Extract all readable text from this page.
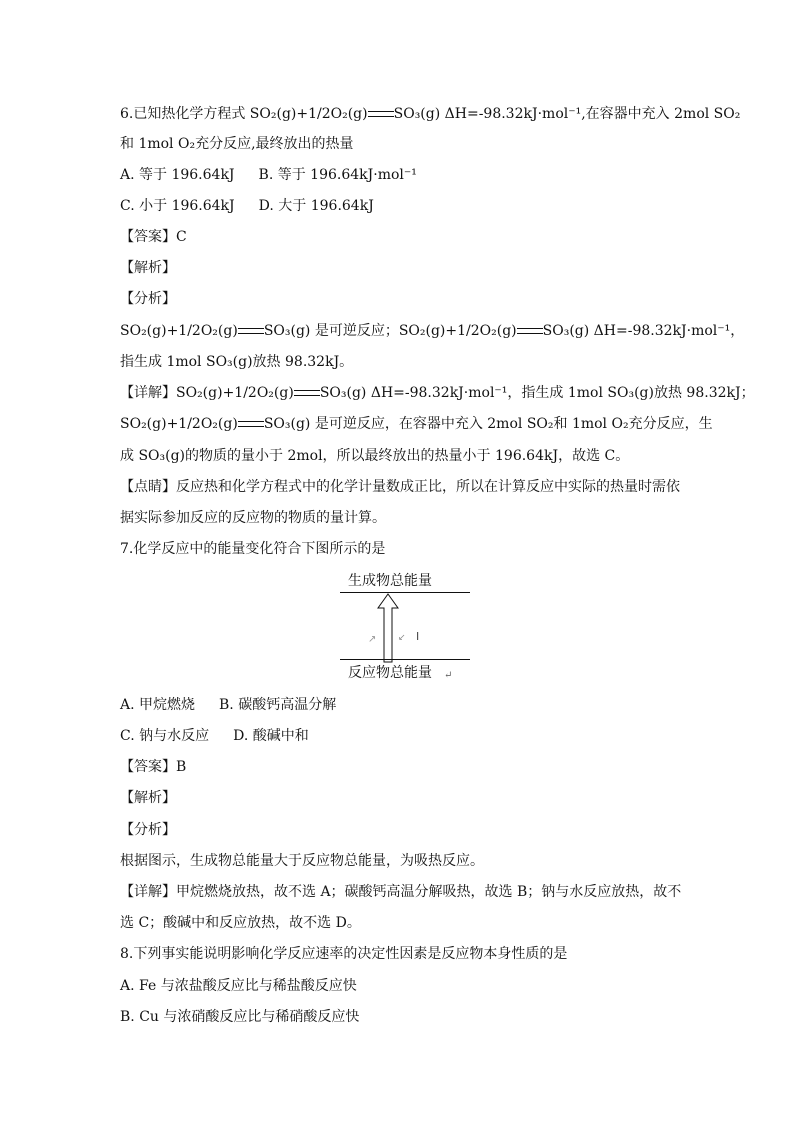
6.已知热化学方程式 SO₂(g)+1/2O₂(g) SO₃(g) ΔH=-98.32kJ·mol⁻¹,在容器中充入 2mol SO₂
和 1mol O₂充分反应,最终放出的热量
A. 等于 196.64kJ B. 等于 196.64kJ·mol⁻¹
C. 小于 196.64kJ D. 大于 196.64kJ
【答案】C
【解析】
【分析】
SO₂(g)+1/2O₂(g) SO₃(g) 是可逆反应；SO₂(g)+1/2O₂(g) SO₃(g) ΔH=-98.32kJ·mol⁻¹，
指生成 1mol SO₃(g)放热 98.32kJ。
【详解】SO₂(g)+1/2O₂(g) SO₃(g) ΔH=-98.32kJ·mol⁻¹，指生成 1mol SO₃(g)放热 98.32kJ；
SO₂(g)+1/2O₂(g) SO₃(g) 是可逆反应，在容器中充入 2mol SO₂和 1mol O₂充分反应，生
成 SO₃(g)的物质的量小于 2mol，所以最终放出的热量小于 196.64kJ，故选 C。
【点睛】反应热和化学方程式中的化学计量数成正比，所以在计算反应中实际的热量时需依
据实际参加反应的反应物的物质的量计算。
7.化学反应中的能量变化符合下图所示的是
生成物总能量
↗ ↙ I
反应物总能量 ↵
A. 甲烷燃烧 B. 碳酸钙高温分解
C. 钠与水反应 D. 酸碱中和
【答案】B
【解析】
【分析】
根据图示，生成物总能量大于反应物总能量，为吸热反应。
【详解】甲烷燃烧放热，故不选 A；碳酸钙高温分解吸热，故选 B；钠与水反应放热，故不
选 C；酸碱中和反应放热，故不选 D。
8.下列事实能说明影响化学反应速率的决定性因素是反应物本身性质的是
A. Fe 与浓盐酸反应比与稀盐酸反应快
B. Cu 与浓硝酸反应比与稀硝酸反应快
